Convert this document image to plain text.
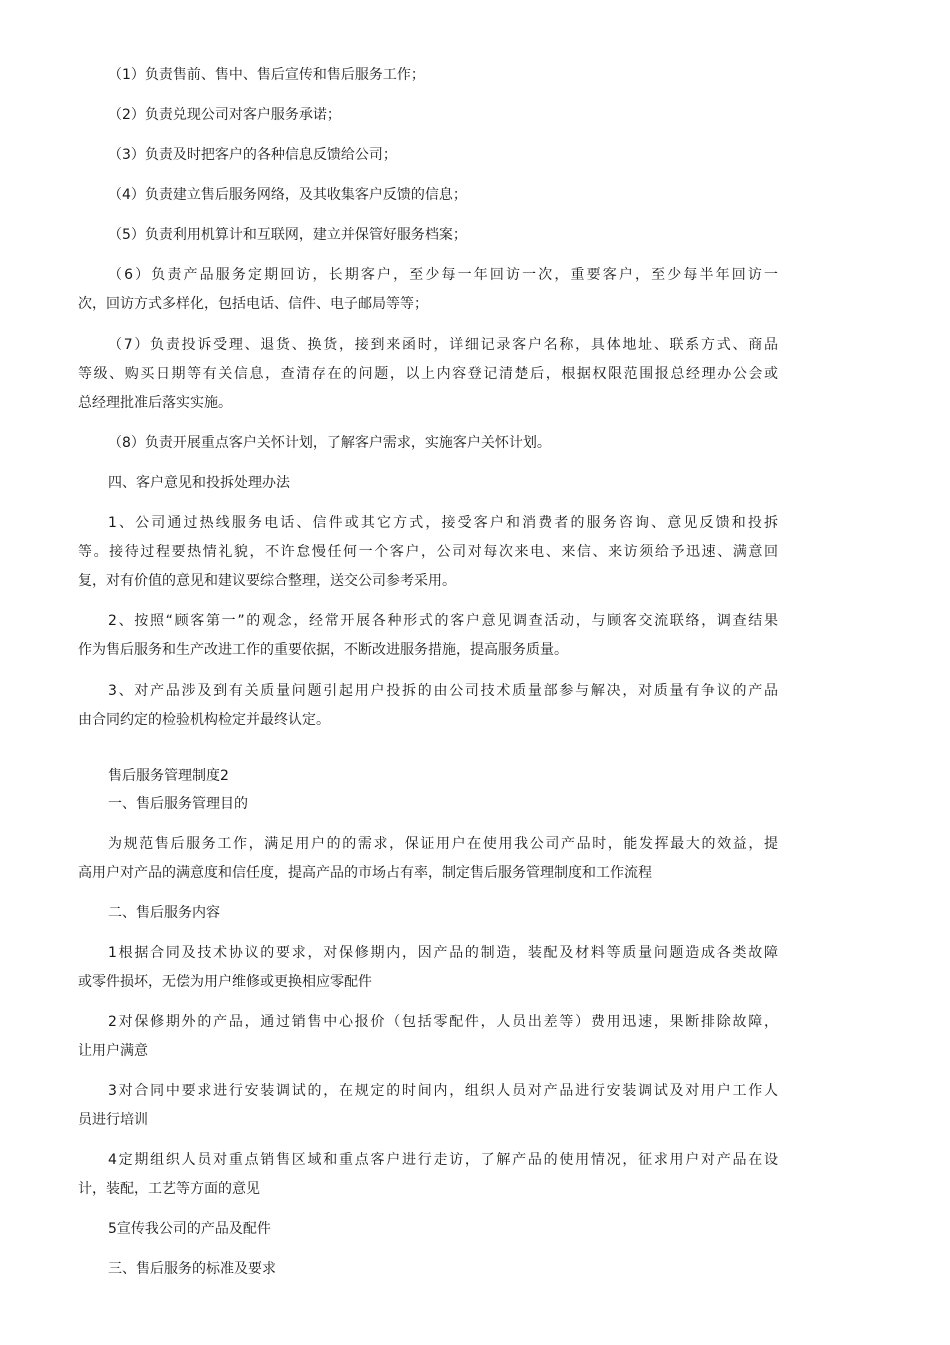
（1）负责售前、售中、售后宣传和售后服务工作；
（2）负责兑现公司对客户服务承诺；
（3）负责及时把客户的各种信息反馈给公司；
（4）负责建立售后服务网络，及其收集客户反馈的信息；
（5）负责利用机算计和互联网，建立并保管好服务档案；
（6）负责产品服务定期回访，长期客户，至少每一年回访一次，重要客户，至少每半年回访一
次，回访方式多样化，包括电话、信件、电子邮局等等；
（7）负责投诉受理、退货、换货，接到来函时，详细记录客户名称，具体地址、联系方式、商品
等级、购买日期等有关信息，查清存在的问题，以上内容登记清楚后，根据权限范围报总经理办公会或
总经理批准后落实实施。
（8）负责开展重点客户关怀计划，了解客户需求，实施客户关怀计划。
四、客户意见和投拆处理办法
1、公司通过热线服务电话、信件或其它方式，接受客户和消费者的服务咨询、意见反馈和投拆
等。接待过程要热情礼貌，不许怠慢任何一个客户，公司对每次来电、来信、来访须给予迅速、满意回
复，对有价值的意见和建议要综合整理，送交公司参考采用。
2、按照“顾客第一”的观念，经常开展各种形式的客户意见调查活动，与顾客交流联络，调查结果
作为售后服务和生产改进工作的重要依据，不断改进服务措施，提高服务质量。
3、对产品涉及到有关质量问题引起用户投拆的由公司技术质量部参与解决，对质量有争议的产品
由合同约定的检验机构检定并最终认定。
售后服务管理制度2
一、售后服务管理目的
为规范售后服务工作，满足用户的的需求，保证用户在使用我公司产品时，能发挥最大的效益，提
高用户对产品的满意度和信任度，提高产品的市场占有率，制定售后服务管理制度和工作流程
二、售后服务内容
1根据合同及技术协议的要求，对保修期内，因产品的制造，装配及材料等质量问题造成各类故障
或零件损坏，无偿为用户维修或更换相应零配件
2对保修期外的产品，通过销售中心报价（包括零配件，人员出差等）费用迅速，果断排除故障，
让用户满意
3对合同中要求进行安装调试的，在规定的时间内，组织人员对产品进行安装调试及对用户工作人
员进行培训
4定期组织人员对重点销售区域和重点客户进行走访，了解产品的使用情况，征求用户对产品在设
计，装配，工艺等方面的意见
5宣传我公司的产品及配件
三、售后服务的标准及要求
